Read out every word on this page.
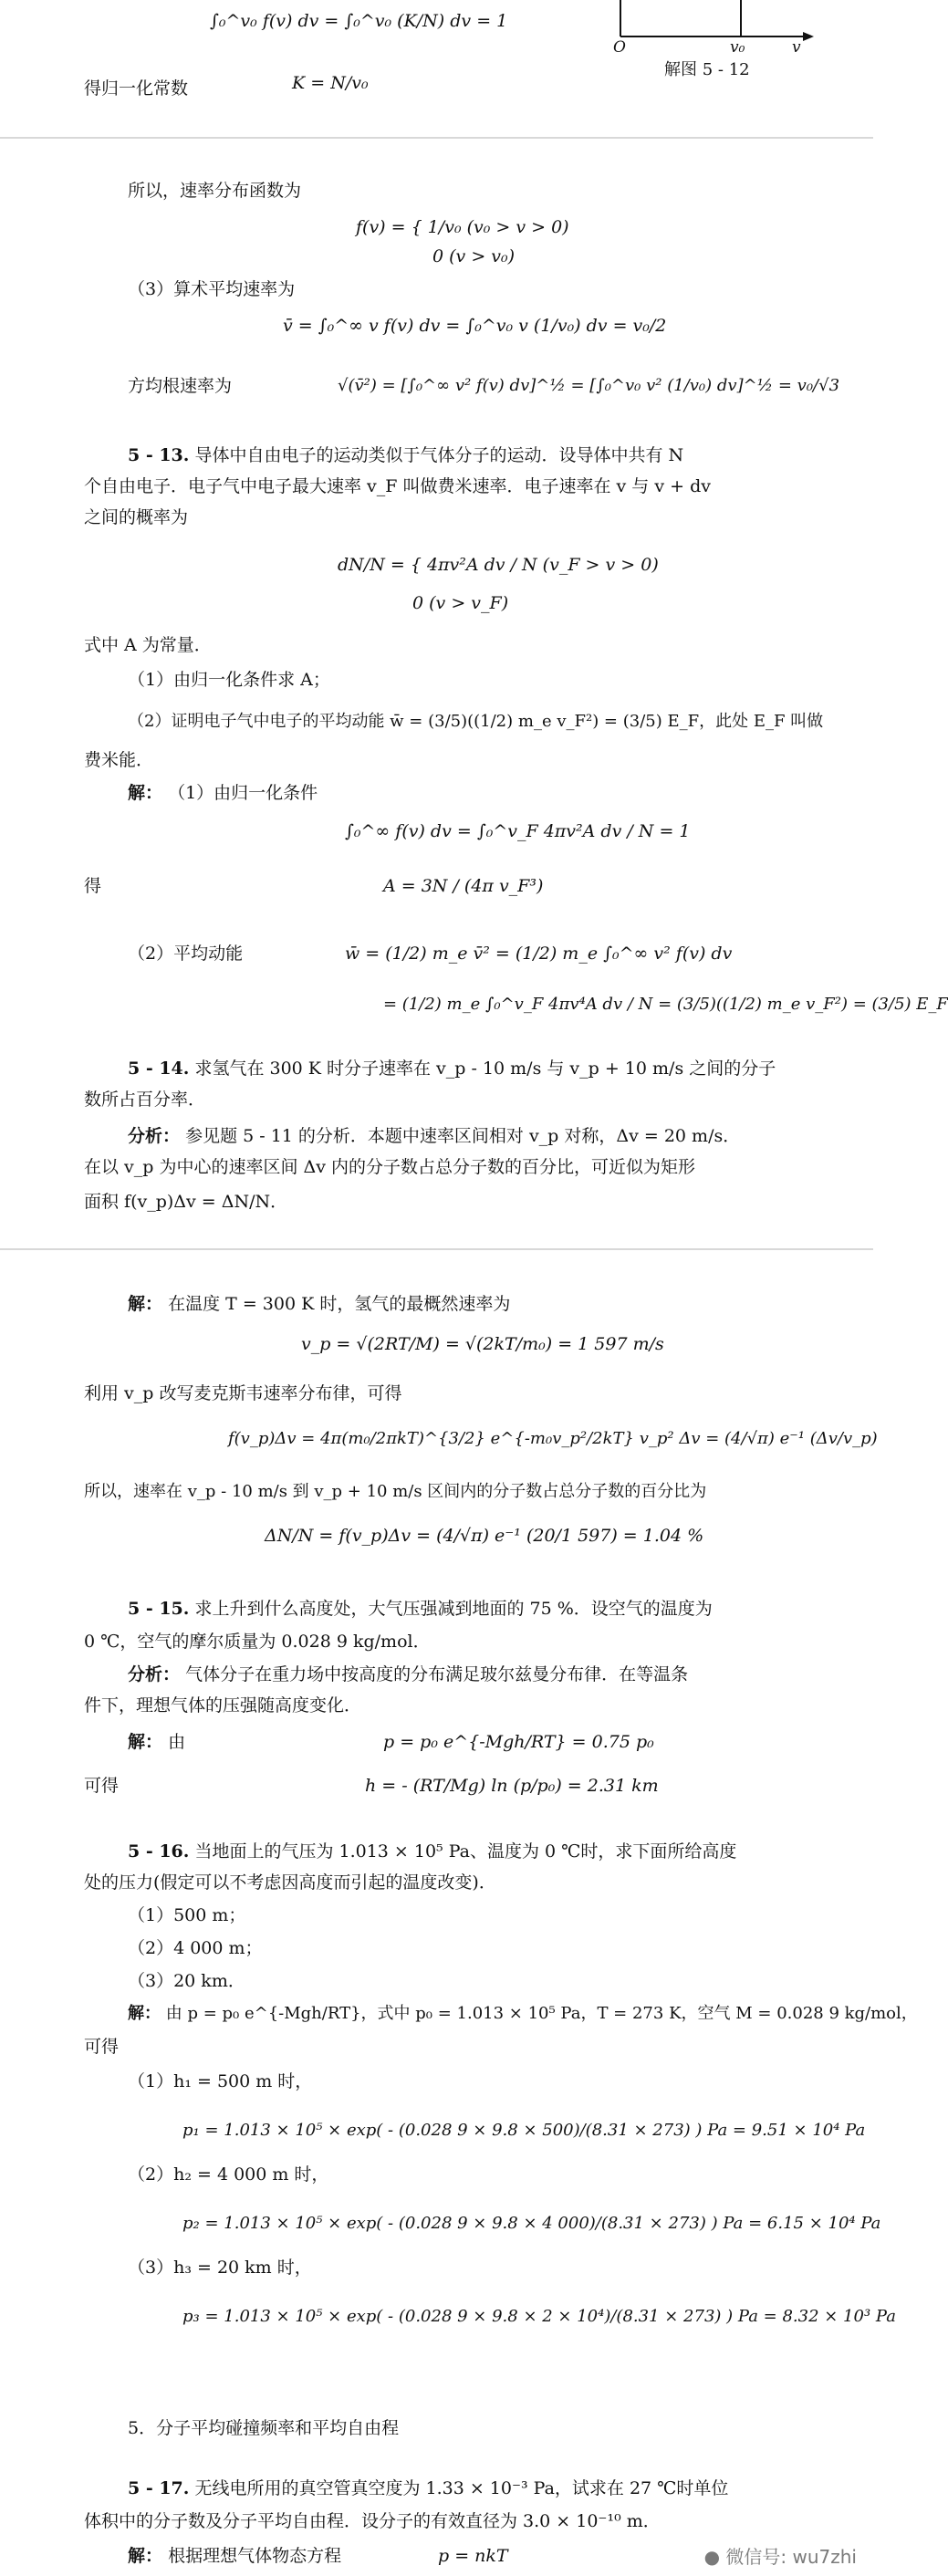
O	v₀	v
解图 5 - 12
∫₀^v₀ f(v) dv = ∫₀^v₀ (K/N) dv = 1
得归一化常数	K = N/v₀
所以，速率分布函数为
f(v) = { 1/v₀ (v₀ > v > 0)
0 (v > v₀)
（3）算术平均速率为
v̄ = ∫₀^∞ v f(v) dv = ∫₀^v₀ v (1/v₀) dv = v₀/2
方均根速率为	√(v̄²) = [∫₀^∞ v² f(v) dv]^½ = [∫₀^v₀ v² (1/v₀) dv]^½ = v₀/√3
5 - 13. 导体中自由电子的运动类似于气体分子的运动．设导体中共有 N
个自由电子．电子气中电子最大速率 v_F 叫做费米速率．电子速率在 v 与 v + dv
之间的概率为
dN/N = { 4πv²A dv / N (v_F > v > 0)
0 (v > v_F)
式中 A 为常量．
（1）由归一化条件求 A；
（2）证明电子气中电子的平均动能 w̄ = (3/5)((1/2) m_e v_F²) = (3/5) E_F，此处 E_F 叫做
费米能．
解： （1）由归一化条件
∫₀^∞ f(v) dv = ∫₀^v_F 4πv²A dv / N = 1
得	A = 3N / (4π v_F³)
（2）平均动能	w̄ = (1/2) m_e v̄² = (1/2) m_e ∫₀^∞ v² f(v) dv
= (1/2) m_e ∫₀^v_F 4πv⁴A dv / N = (3/5)((1/2) m_e v_F²) = (3/5) E_F
5 - 14. 求氢气在 300 K 时分子速率在 v_p - 10 m/s 与 v_p + 10 m/s 之间的分子
数所占百分率．
分析： 参见题 5 - 11 的分析．本题中速率区间相对 v_p 对称，Δv = 20 m/s．
在以 v_p 为中心的速率区间 Δv 内的分子数占总分子数的百分比，可近似为矩形
面积 f(v_p)Δv = ΔN/N．
解： 在温度 T = 300 K 时，氢气的最概然速率为
v_p = √(2RT/M) = √(2kT/m₀) = 1 597 m/s
利用 v_p 改写麦克斯韦速率分布律，可得
f(v_p)Δv = 4π(m₀/2πkT)^{3/2} e^{-m₀v_p²/2kT} v_p² Δv = (4/√π) e⁻¹ (Δv/v_p)
所以，速率在 v_p - 10 m/s 到 v_p + 10 m/s 区间内的分子数占总分子数的百分比为
ΔN/N = f(v_p)Δv = (4/√π) e⁻¹ (20/1 597) = 1.04 %
5 - 15. 求上升到什么高度处，大气压强减到地面的 75 %．设空气的温度为
0 ℃，空气的摩尔质量为 0.028 9 kg/mol．
分析： 气体分子在重力场中按高度的分布满足玻尔兹曼分布律．在等温条
件下，理想气体的压强随高度变化．
解： 由	p = p₀ e^{-Mgh/RT} = 0.75 p₀
可得	h = - (RT/Mg) ln (p/p₀) = 2.31 km
5 - 16. 当地面上的气压为 1.013 × 10⁵ Pa、温度为 0 ℃时，求下面所给高度
处的压力(假定可以不考虑因高度而引起的温度改变)．
（1）500 m；
（2）4 000 m；
（3）20 km．
解： 由 p = p₀ e^{-Mgh/RT}，式中 p₀ = 1.013 × 10⁵ Pa，T = 273 K，空气 M = 0.028 9 kg/mol，
可得
（1）h₁ = 500 m 时，
p₁ = 1.013 × 10⁵ × exp( - (0.028 9 × 9.8 × 500)/(8.31 × 273) ) Pa = 9.51 × 10⁴ Pa
（2）h₂ = 4 000 m 时，
p₂ = 1.013 × 10⁵ × exp( - (0.028 9 × 9.8 × 4 000)/(8.31 × 273) ) Pa = 6.15 × 10⁴ Pa
（3）h₃ = 20 km 时，
p₃ = 1.013 × 10⁵ × exp( - (0.028 9 × 9.8 × 2 × 10⁴)/(8.31 × 273) ) Pa = 8.32 × 10³ Pa
5．分子平均碰撞频率和平均自由程
5 - 17. 无线电所用的真空管真空度为 1.33 × 10⁻³ Pa，试求在 27 ℃时单位
体积中的分子数及分子平均自由程．设分子的有效直径为 3.0 × 10⁻¹⁰ m．
解： 根据理想气体物态方程	p = nkT	● 微信号: wu7zhi
